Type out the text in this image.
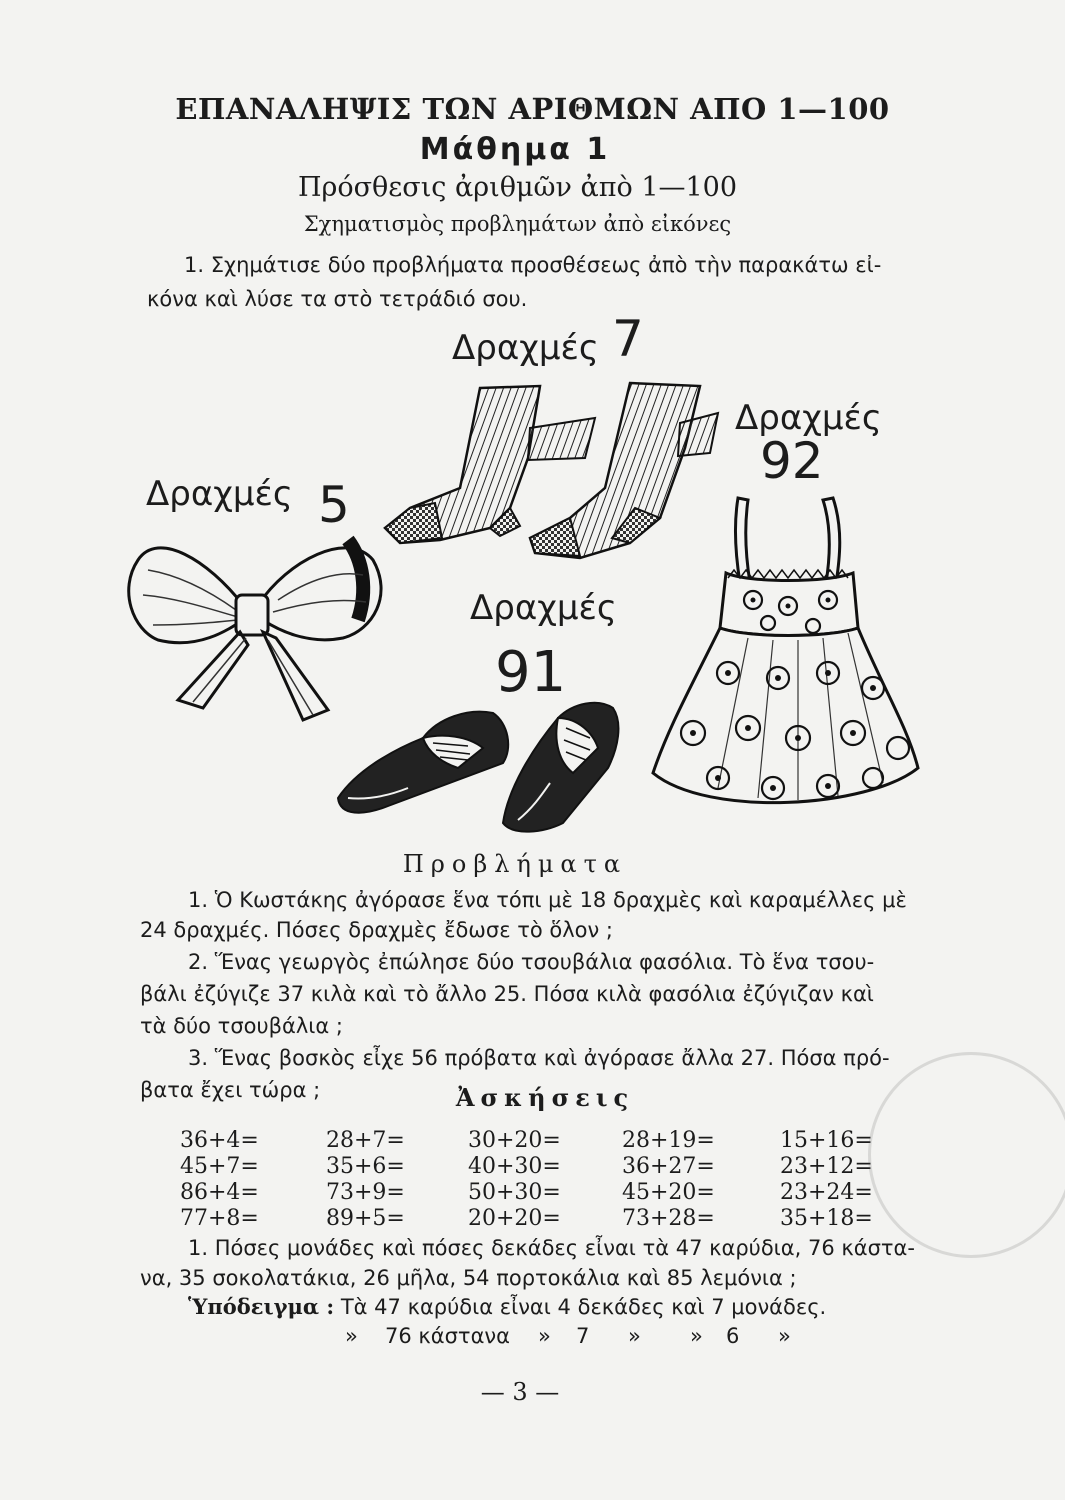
ΕΠΑΝΑΛΗΨΙΣ ΤΩΝ ΑΡΙΘΜΩΝ ΑΠΟ 1—100
Μάθημα 1
Πρόσθεσις ἀριθμῶν ἀπὸ 1—100
Σχηματισμὸς προβλημάτων ἀπὸ εἰκόνες
1. Σχημάτισε δύο προβλήματα προσθέσεως ἀπὸ τὴν παρακάτω εἰ-
κόνα καὶ λύσε τα στὸ τετράδιό σου.
Δραχμές 7
Δραχμές
92
Δραχμές 5
Δραχμές
91
Προβλήματα
1. Ὁ Κωστάκης ἀγόρασε ἕνα τόπι μὲ 18 δραχμὲς καὶ καραμέλλες μὲ
24 δραχμές. Πόσες δραχμὲς ἔδωσε τὸ ὅλον ;
2. Ἕνας γεωργὸς ἐπώλησε δύο τσουβάλια φασόλια. Τὸ ἕνα τσου-
βάλι ἐζύγιζε 37 κιλὰ καὶ τὸ ἄλλο 25. Πόσα κιλὰ φασόλια ἐζύγιζαν καὶ
τὰ δύο τσουβάλια ;
3. Ἕνας βοσκὸς εἶχε 56 πρόβατα καὶ ἀγόρασε ἄλλα 27. Πόσα πρό-
βατα ἔχει τώρα ;	Ἀσκήσεις
36+4=
45+7=
86+4=
77+8=
28+7=
35+6=
73+9=
89+5=
30+20=
40+30=
50+30=
20+20=
28+19=
36+27=
45+20=
73+28=
15+16=
23+12=
23+24=
35+18=
1. Πόσες μονάδες καὶ πόσες δεκάδες εἶναι τὰ 47 καρύδια, 76 κάστα-
να, 35 σοκολατάκια, 26 μῆλα, 54 πορτοκάλια καὶ 85 λεμόνια ;
Ὑπόδειγμα : Τὰ 47 καρύδια εἶναι 4 δεκάδες καὶ 7 μονάδες.
» 76 κάστανα » 7 » » 6 »
— 3 —
